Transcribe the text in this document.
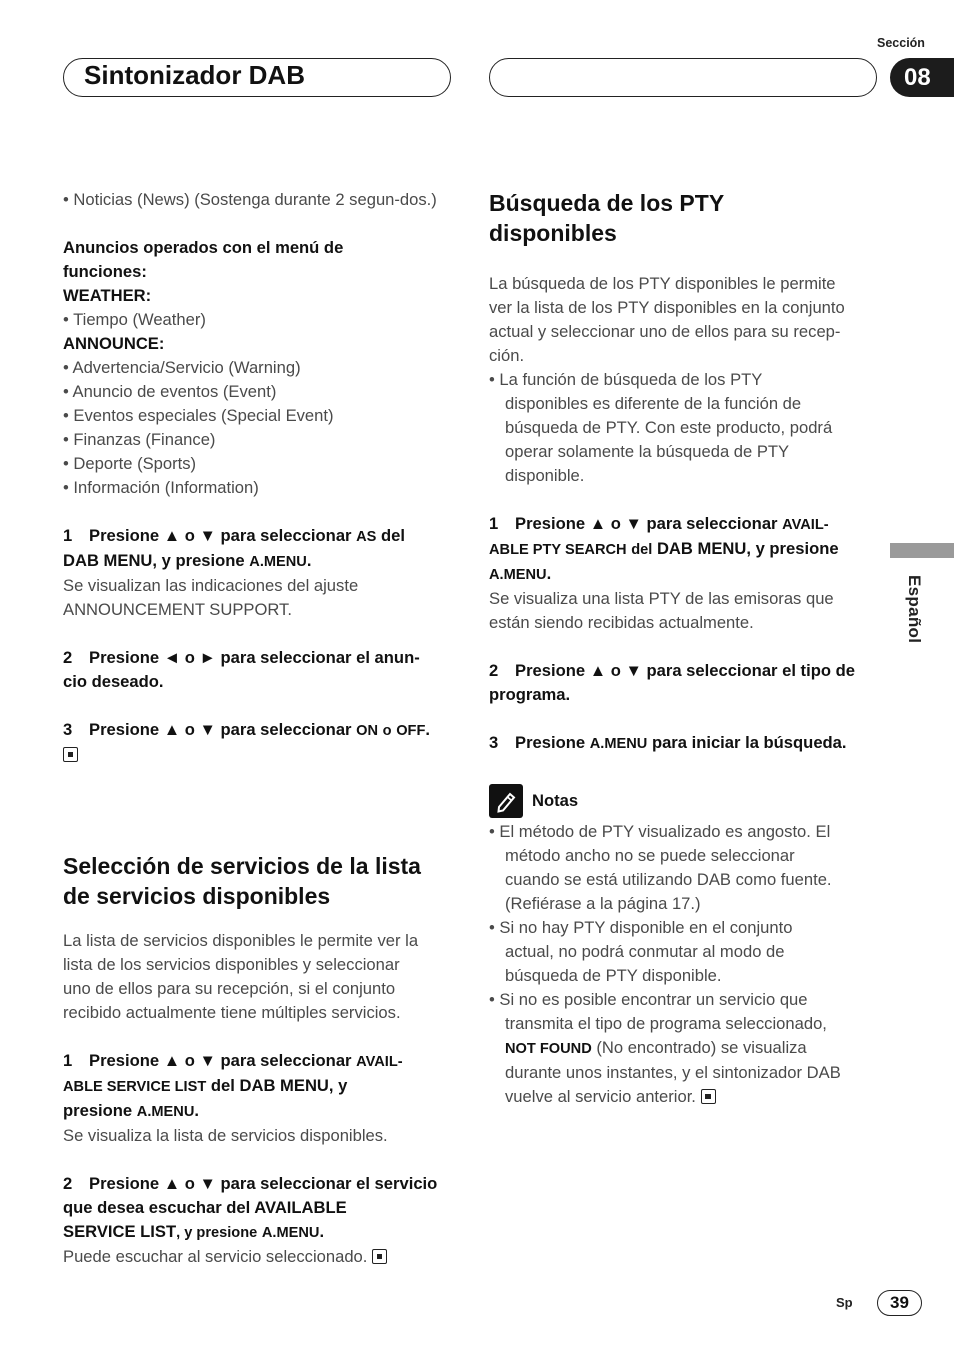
Sintonizador DAB
Sección
08
Español

• Noticias (News) (Sostenga durante 2 segun-dos.)

Anuncios operados con el menú de

funciones:

WEATHER:

• Tiempo (Weather)

ANNOUNCE:

• Advertencia/Servicio (Warning)

• Anuncio de eventos (Event)

• Eventos especiales (Special Event)

• Finanzas (Finance)

• Deporte (Sports)

• Información (Information)

1 Presione ▲ o ▼ para seleccionar AS del

DAB MENU, y presione A.MENU.

Se visualizan las indicaciones del ajuste

ANNOUNCEMENT SUPPORT.

2 Presione ◄ o ► para seleccionar el anun-

cio deseado.

3 Presione ▲ o ▼ para seleccionar ON o OFF.

Selección de servicios de la lista

de servicios disponibles

La lista de servicios disponibles le permite ver la

lista de los servicios disponibles y seleccionar

uno de ellos para su recepción, si el conjunto

recibido actualmente tiene múltiples servicios.

1 Presione ▲ o ▼ para seleccionar AVAIL-

ABLE SERVICE LIST del DAB MENU, y

presione A.MENU.

Se visualiza la lista de servicios disponibles.

2 Presione ▲ o ▼ para seleccionar el servicio

que desea escuchar del AVAILABLE

SERVICE LIST, y presione A.MENU.

Puede escuchar al servicio seleccionado.

Búsqueda de los PTY

disponibles

La búsqueda de los PTY disponibles le permite

ver la lista de los PTY disponibles en la conjunto

actual y seleccionar uno de ellos para su recep-

ción.

• La función de búsqueda de los PTY

disponibles es diferente de la función de

búsqueda de PTY. Con este producto, podrá

operar solamente la búsqueda de PTY

disponible.

1 Presione ▲ o ▼ para seleccionar AVAIL-

ABLE PTY SEARCH del DAB MENU, y presione

A.MENU.

Se visualiza una lista PTY de las emisoras que

están siendo recibidas actualmente.

2 Presione ▲ o ▼ para seleccionar el tipo de

programa.

3 Presione A.MENU para iniciar la búsqueda.

Notas

• El método de PTY visualizado es angosto. El

método ancho no se puede seleccionar

cuando se está utilizando DAB como fuente.

(Refiérase a la página 17.)

• Si no hay PTY disponible en el conjunto

actual, no podrá conmutar al modo de

búsqueda de PTY disponible.

• Si no es posible encontrar un servicio que

transmita el tipo de programa seleccionado,

NOT FOUND (No encontrado) se visualiza

durante unos instantes, y el sintonizador DAB

vuelve al servicio anterior.

Sp	39
